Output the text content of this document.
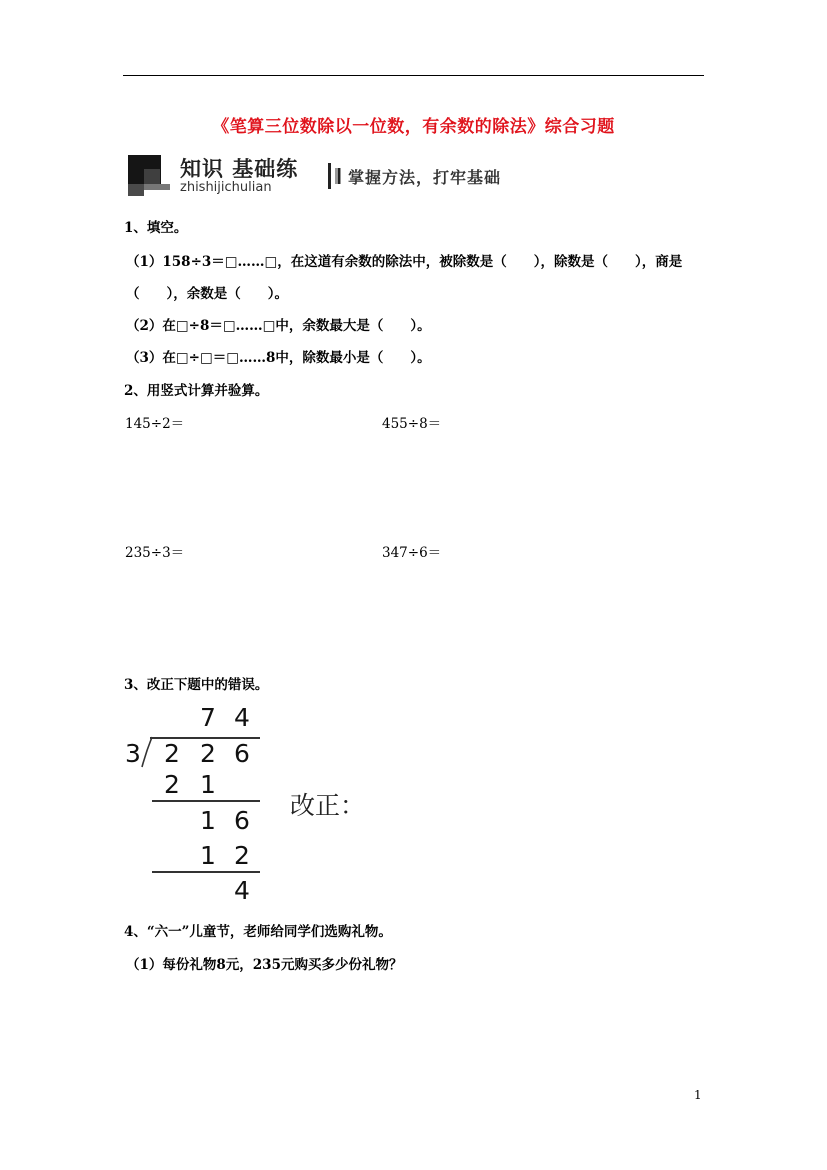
《笔算三位数除以一位数，有余数的除法》综合习题
知识 基础练
zhishijichulian
掌握方法，打牢基础
1、填空。
（1）158÷3＝□……□，在这道有余数的除法中，被除数是（　　），除数是（　　），商是
（　　），余数是（　　）。
（2）在□÷8＝□……□中，余数最大是（　　）。
（3）在□÷□＝□……8中，除数最小是（　　）。
2、用竖式计算并验算。
145÷2＝	455÷8＝
235÷3＝	347÷6＝
3、改正下题中的错误。
7 4
3 2 2 6
2 1
1 6
1 2
4
改正：
4、“六一”儿童节，老师给同学们选购礼物。
（1）每份礼物8元，235元购买多少份礼物？
1
